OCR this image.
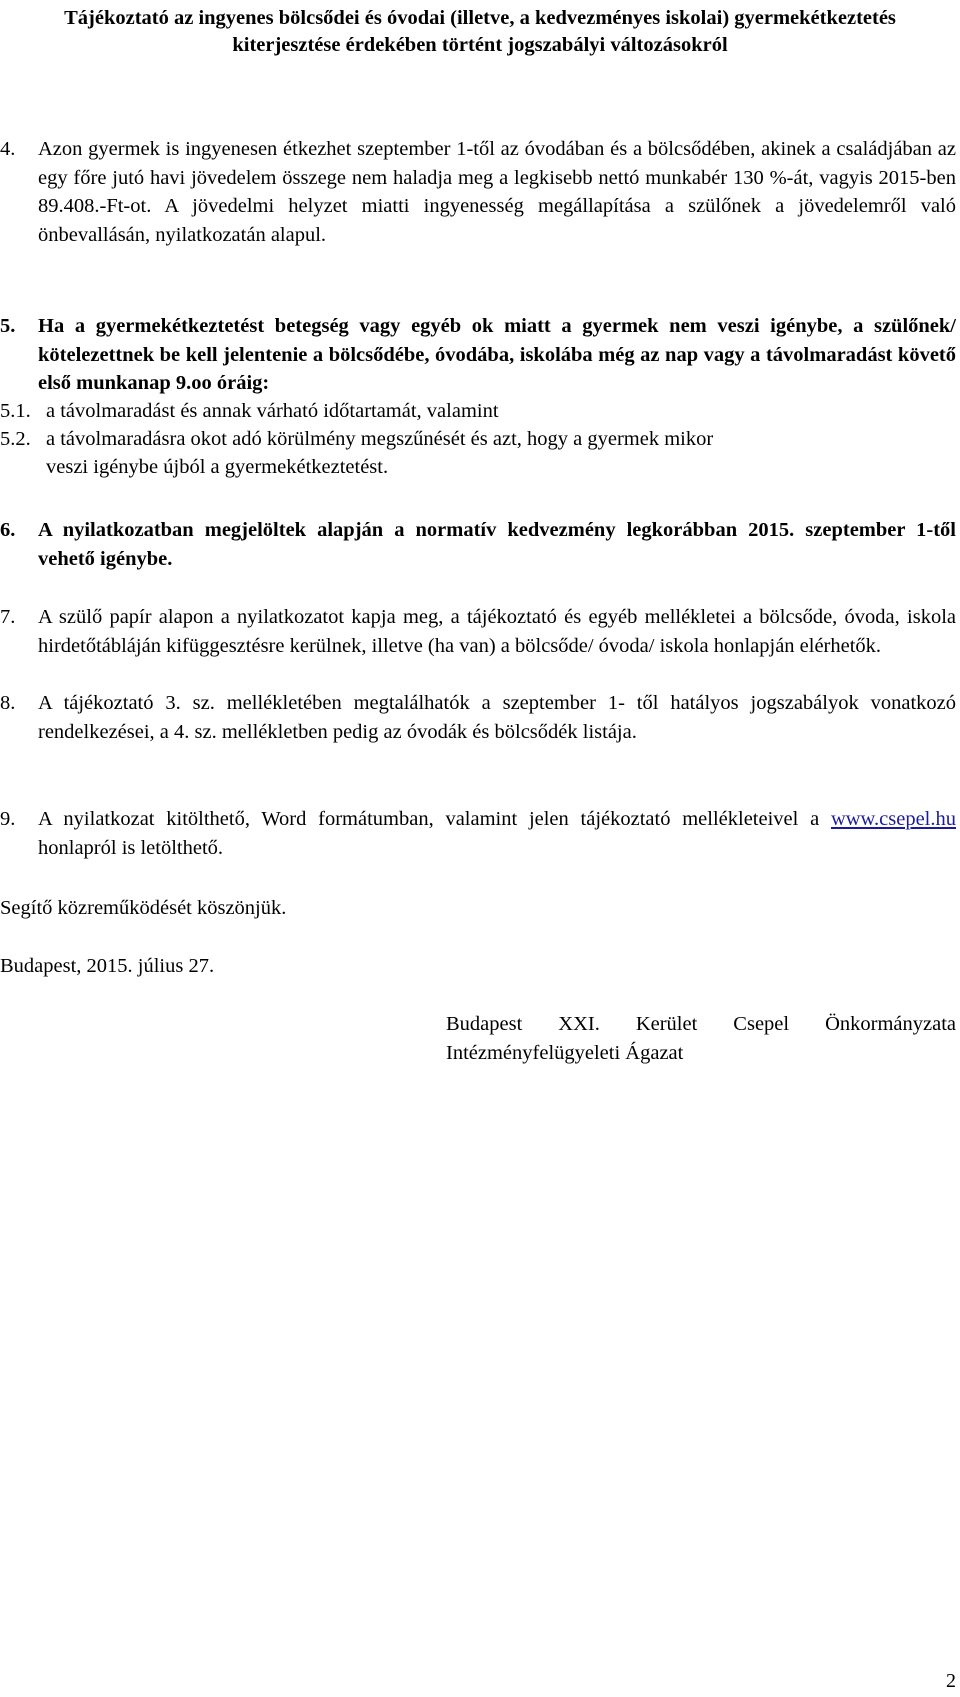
Tájékoztató az ingyenes bölcsődei és óvodai (illetve, a kedvezményes iskolai) gyermekétkeztetés
kiterjesztése érdekében történt jogszabályi változásokról
4. Azon gyermek is ingyenesen étkezhet szeptember 1-től az óvodában és a bölcsődében, akinek a családjában az egy főre jutó havi jövedelem összege nem haladja meg a legkisebb nettó munkabér 130 %-át, vagyis 2015-ben 89.408.-Ft-ot. A jövedelmi helyzet miatti ingyenesség megállapítása a szülőnek a jövedelemről való önbevallásán, nyilatkozatán alapul.
5. Ha a gyermekétkeztetést betegség vagy egyéb ok miatt a gyermek nem veszi igénybe, a szülőnek/ kötelezettnek be kell jelentenie a bölcsődébe, óvodába, iskolába még az nap vagy a távolmaradást követő első munkanap 9.oo óráig:
5.1. a távolmaradást és annak várható időtartamát, valamint
5.2. a távolmaradásra okot adó körülmény megszűnését és azt, hogy a gyermek mikor
veszi igénybe újból a gyermekétkeztetést.
6. A nyilatkozatban megjelöltek alapján a normatív kedvezmény legkorábban 2015. szeptember 1-től vehető igénybe.
7. A szülő papír alapon a nyilatkozatot kapja meg, a tájékoztató és egyéb mellékletei a bölcsőde, óvoda, iskola hirdetőtábláján kifüggesztésre kerülnek, illetve (ha van) a bölcsőde/ óvoda/ iskola honlapján elérhetők.
8. A tájékoztató 3. sz. mellékletében megtalálhatók a szeptember 1- től hatályos jogszabályok vonatkozó rendelkezései, a 4. sz. mellékletben pedig az óvodák és bölcsődék listája.
9. A nyilatkozat kitölthető, Word formátumban, valamint jelen tájékoztató mellékleteivel a www.csepel.hu honlapról is letölthető.
Segítő közreműködését köszönjük.
Budapest, 2015. július 27.
Budapest XXI. Kerület Csepel Önkormányzata
Intézményfelügyeleti Ágazat
2
